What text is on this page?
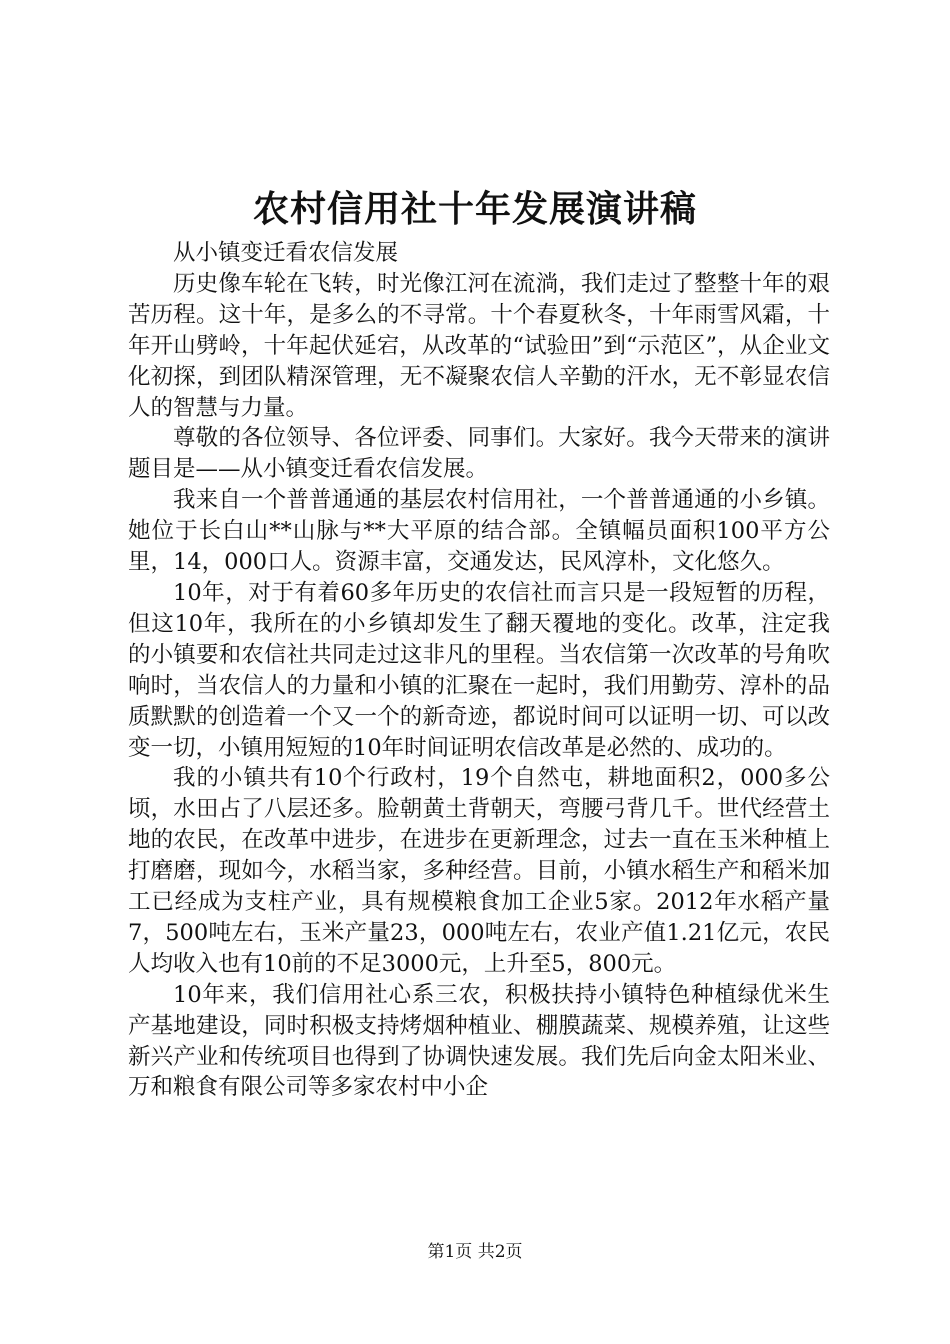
农村信用社十年发展演讲稿

从小镇变迁看农信发展

历史像车轮在飞转，时光像江河在流淌，我们走过了整整十年的艰苦历程。这十年，是多么的不寻常。十个春夏秋冬，十年雨雪风霜，十年开山劈岭，十年起伏延宕，从改革的“试验田”到“示范区”，从企业文化初探，到团队精深管理，无不凝聚农信人辛勤的汗水，无不彰显农信人的智慧与力量。

尊敬的各位领导、各位评委、同事们。大家好。我今天带来的演讲题目是——从小镇变迁看农信发展。

我来自一个普普通通的基层农村信用社，一个普普通通的小乡镇。她位于长白山**山脉与**大平原的结合部。全镇幅员面积100平方公里，14，000口人。资源丰富，交通发达，民风淳朴，文化悠久。

10年，对于有着60多年历史的农信社而言只是一段短暂的历程，但这10年，我所在的小乡镇却发生了翻天覆地的变化。改革，注定我的小镇要和农信社共同走过这非凡的里程。当农信第一次改革的号角吹响时，当农信人的力量和小镇的汇聚在一起时，我们用勤劳、淳朴的品质默默的创造着一个又一个的新奇迹，都说时间可以证明一切、可以改变一切，小镇用短短的10年时间证明农信改革是必然的、成功的。

我的小镇共有10个行政村，19个自然屯，耕地面积2，000多公顷，水田占了八层还多。脸朝黄土背朝天，弯腰弓背几千。世代经营土地的农民，在改革中进步，在进步在更新理念，过去一直在玉米种植上打磨磨，现如今，水稻当家，多种经营。目前，小镇水稻生产和稻米加工已经成为支柱产业，具有规模粮食加工企业5家。2012年水稻产量7，500吨左右，玉米产量23，000吨左右，农业产值1.21亿元，农民人均收入也有10前的不足3000元，上升至5，800元。

10年来，我们信用社心系三农，积极扶持小镇特色种植绿优米生产基地建设，同时积极支持烤烟种植业、棚膜蔬菜、规模养殖，让这些新兴产业和传统项目也得到了协调快速发展。我们先后向金太阳米业、万和粮食有限公司等多家农村中小企

第1页 共2页
